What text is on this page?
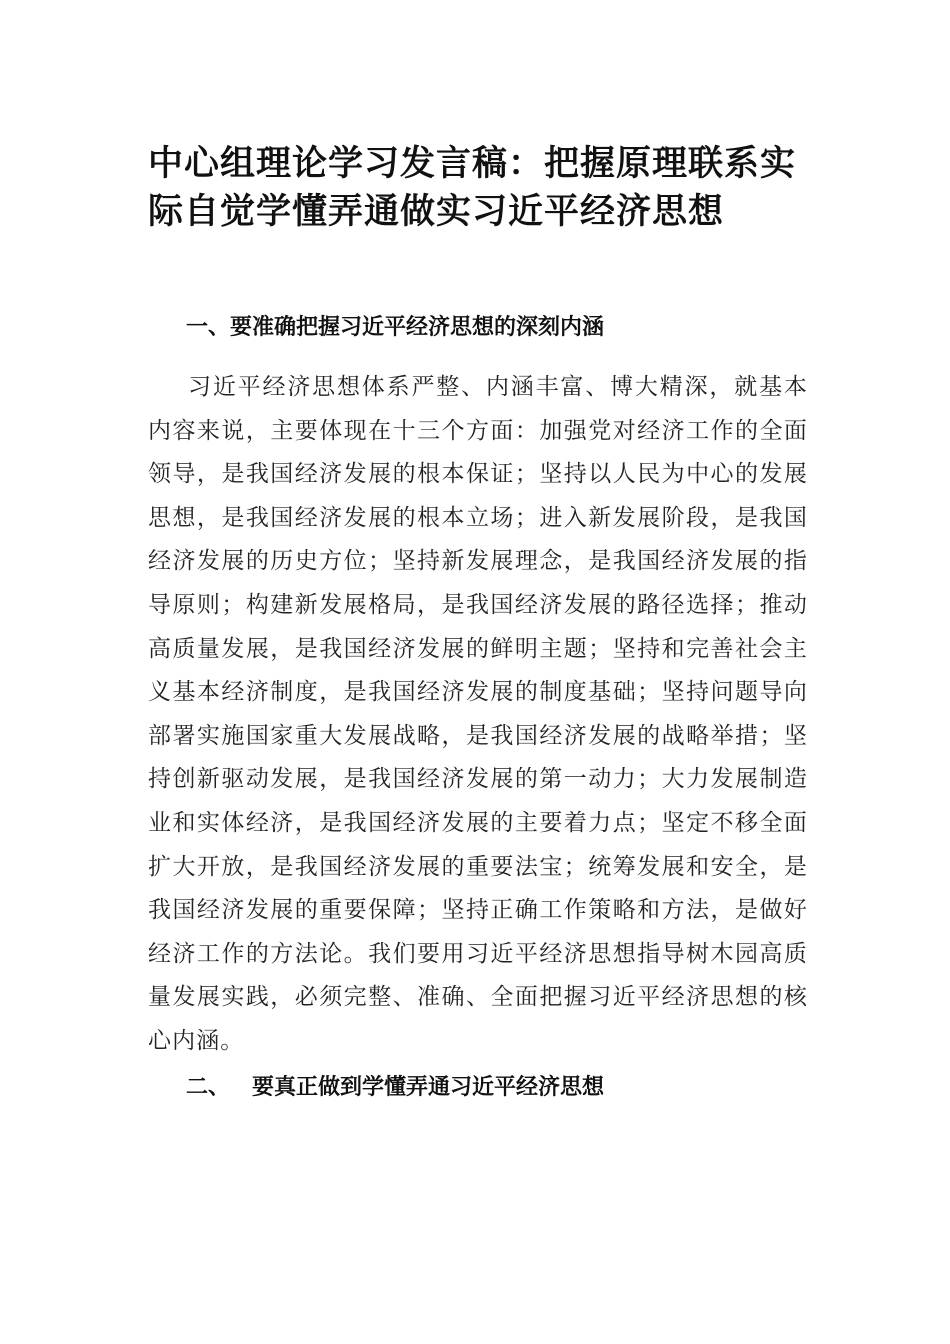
中心组理论学习发言稿：把握原理联系实际自觉学懂弄通做实习近平经济思想
一、要准确把握习近平经济思想的深刻内涵

习近平经济思想体系严整、内涵丰富、博大精深，就基本内容来说，主要体现在十三个方面：加强党对经济工作的全面领导，是我国经济发展的根本保证；坚持以人民为中心的发展思想，是我国经济发展的根本立场；进入新发展阶段，是我国经济发展的历史方位；坚持新发展理念，是我国经济发展的指导原则；构建新发展格局，是我国经济发展的路径选择；推动高质量发展，是我国经济发展的鲜明主题；坚持和完善社会主义基本经济制度，是我国经济发展的制度基础；坚持问题导向部署实施国家重大发展战略，是我国经济发展的战略举措；坚持创新驱动发展，是我国经济发展的第一动力；大力发展制造业和实体经济，是我国经济发展的主要着力点；坚定不移全面扩大开放，是我国经济发展的重要法宝；统筹发展和安全，是我国经济发展的重要保障；坚持正确工作策略和方法，是做好经济工作的方法论。我们要用习近平经济思想指导树木园高质量发展实践，必须完整、准确、全面把握习近平经济思想的核心内涵。

二、 要真正做到学懂弄通习近平经济思想
